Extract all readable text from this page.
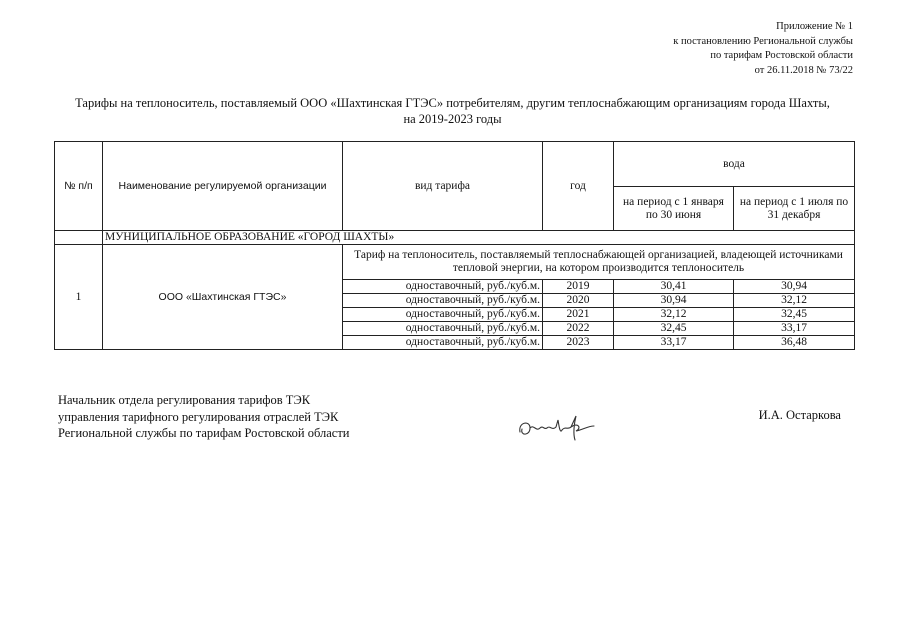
Приложение № 1
к постановлению Региональной службы
по тарифам Ростовской области
от 26.11.2018 № 73/22
Тарифы на теплоноситель, поставляемый ООО «Шахтинская ГТЭС» потребителям, другим теплоснабжающим организациям города Шахты,
на 2019-2023 годы
№ п/п	Наименование регулируемой организации	вид тарифа	год	вода	
				на период с 1 января по 30 июня	на период с 1 июля по 31 декабря
	МУНИЦИПАЛЬНОЕ ОБРАЗОВАНИЕ «ГОРОД ШАХТЫ»				
1	ООО «Шахтинская ГТЭС»	Тариф на теплоноситель, поставляемый теплоснабжающей организацией, владеющей источниками тепловой энергии, на котором производится теплоноситель			
		одноставочный, руб./куб.м.	2019	30,41	30,94
		одноставочный, руб./куб.м.	2020	30,94	32,12
		одноставочный, руб./куб.м.	2021	32,12	32,45
		одноставочный, руб./куб.м.	2022	32,45	33,17
		одноставочный, руб./куб.м.	2023	33,17	36,48
Начальник отдела регулирования тарифов ТЭК
управления тарифного регулирования отраслей ТЭК
Региональной службы по тарифам Ростовской области
И.А. Остаркова
